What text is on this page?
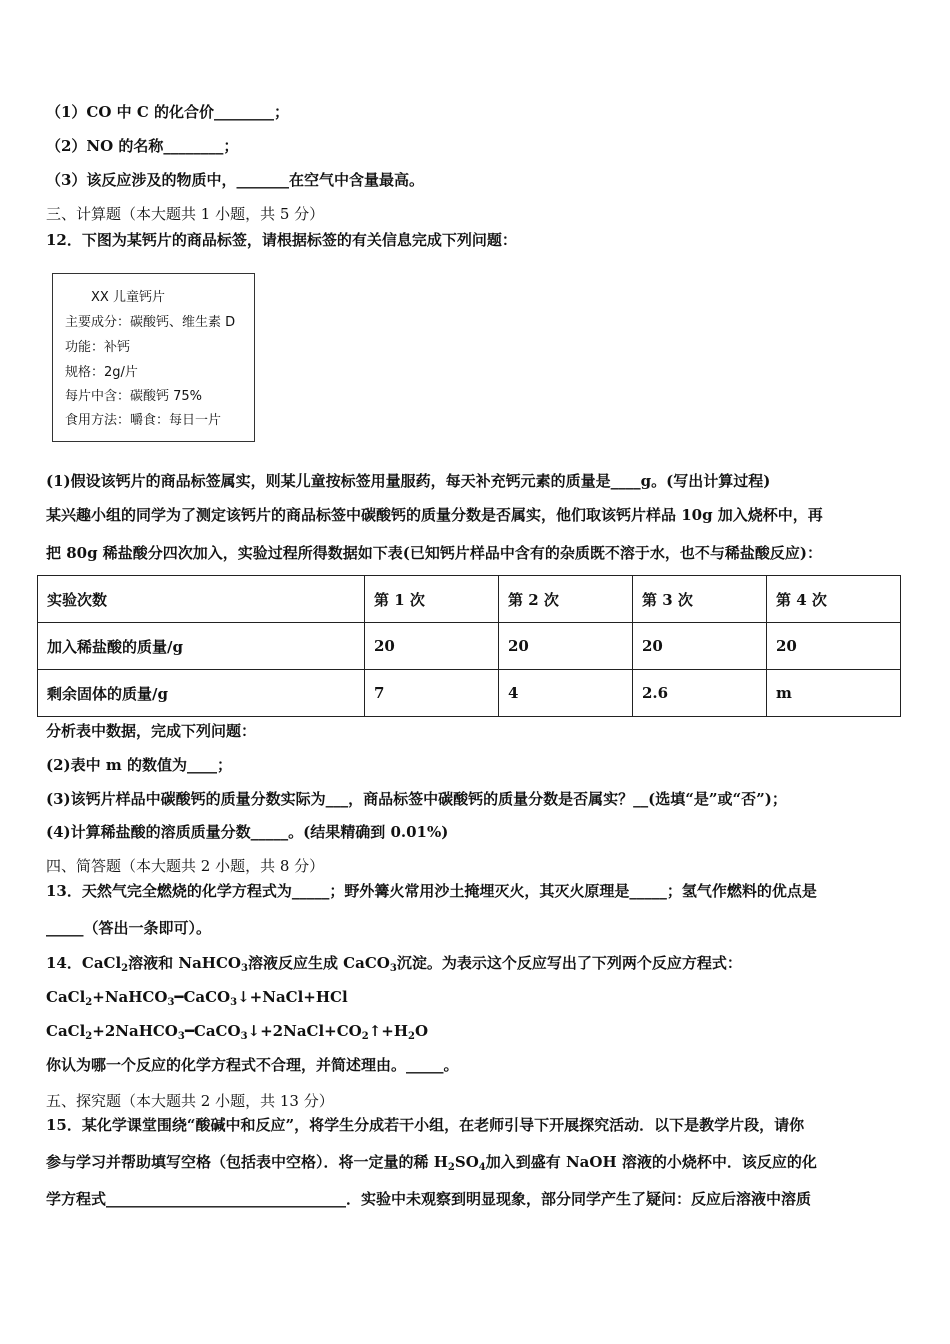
（1）CO 中 C 的化合价________；
（2）NO 的名称________；
（3）该反应涉及的物质中，_______在空气中含量最高。
三、计算题（本大题共 1 小题，共 5 分）
12．下图为某钙片的商品标签，请根据标签的有关信息完成下列问题：
XX 儿童钙片
主要成分：碳酸钙、维生素 D
功能：补钙
规格：2g/片
每片中含：碳酸钙 75%
食用方法：嚼食：每日一片
(1)假设该钙片的商品标签属实，则某儿童按标签用量服药，每天补充钙元素的质量是____g。(写出计算过程)
某兴趣小组的同学为了测定该钙片的商品标签中碳酸钙的质量分数是否属实，他们取该钙片样品 10g 加入烧杯中，再
把 80g 稀盐酸分四次加入，实验过程所得数据如下表(已知钙片样品中含有的杂质既不溶于水，也不与稀盐酸反应)：
实验次数	第 1 次	第 2 次	第 3 次	第 4 次
加入稀盐酸的质量/g	20	20	20	20
剩余固体的质量/g	7	4	2.6	m
分析表中数据，完成下列问题：
(2)表中 m 的数值为____；
(3)该钙片样品中碳酸钙的质量分数实际为___，商品标签中碳酸钙的质量分数是否属实？__(选填“是”或“否”)；
(4)计算稀盐酸的溶质质量分数_____。(结果精确到 0.01%)
四、简答题（本大题共 2 小题，共 8 分）
13．天然气完全燃烧的化学方程式为_____；野外篝火常用沙土掩埋灭火，其灭火原理是_____；氢气作燃料的优点是
_____（答出一条即可）。
14．CaCl$_2$溶液和 NaHCO$_3$溶液反应生成 CaCO$_3$沉淀。为表示这个反应写出了下列两个反应方程式：
CaCl$_2$+NaHCO$_3$━CaCO$_3$↓+NaCl+HCl
$CaCl_2+2NaHCO_3━CaCO_3↓+2NaCl+CO_2↑+H_2O$
你认为哪一个反应的化学方程式不合理，并简述理由。_____。
五、探究题（本大题共 2 小题，共 13 分）
15．某化学课堂围绕“酸碱中和反应”，将学生分成若干小组，在老师引导下开展探究活动．以下是教学片段，请你
参与学习并帮助填写空格（包括表中空格）．将一定量的稀 $H_2SO_4$加入到盛有 NaOH 溶液的小烧杯中．该反应的化
学方程式________________________________．实验中未观察到明显现象，部分同学产生了疑问：反应后溶液中溶质
